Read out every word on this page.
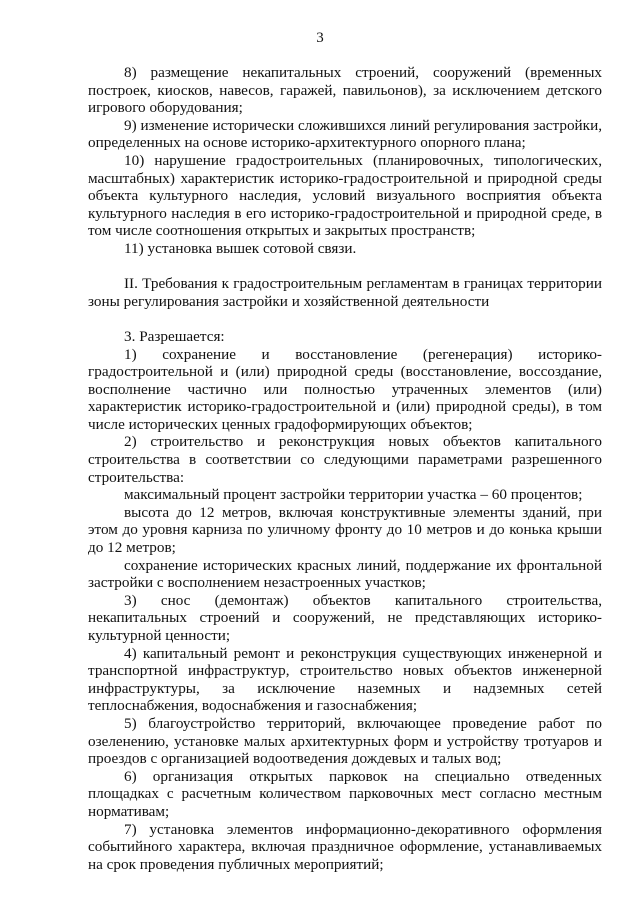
3

8) размещение некапитальных строений, сооружений (временных построек, киосков, навесов, гаражей, павильонов), за исключением детского игрового оборудования;

9) изменение исторически сложившихся линий регулирования застройки, определенных на основе историко-архитектурного опорного плана;

10) нарушение градостроительных (планировочных, типологических, масштабных) характеристик историко-градостроительной и природной среды объекта культурного наследия, условий визуального восприятия объекта культурного наследия в его историко-градостроительной и природной среде, в том числе соотношения открытых и закрытых пространств;

11) установка вышек сотовой связи.

II. Требования к градостроительным регламентам в границах территории зоны регулирования застройки и хозяйственной деятельности

3. Разрешается:

1) сохранение и восстановление (регенерация) историко-градостроительной и (или) природной среды (восстановление, воссоздание, восполнение частично или полностью утраченных элементов (или) характеристик историко-градостроительной и (или) природной среды), в том числе исторических ценных градоформирующих объектов;

2) строительство и реконструкция новых объектов капитального строительства в соответствии со следующими параметрами разрешенного строительства:

максимальный процент застройки территории участка – 60 процентов;

высота до 12 метров, включая конструктивные элементы зданий, при этом до уровня карниза по уличному фронту до 10 метров и до конька крыши до 12 метров;

сохранение исторических красных линий, поддержание их фронтальной застройки с восполнением незастроенных участков;

3) снос (демонтаж) объектов капитального строительства, некапитальных строений и сооружений, не представляющих историко-культурной ценности;

4) капитальный ремонт и реконструкция существующих инженерной и транспортной инфраструктур, строительство новых объектов инженерной инфраструктуры, за исключение наземных и надземных сетей теплоснабжения, водоснабжения и газоснабжения;

5) благоустройство территорий, включающее проведение работ по озеленению, установке малых архитектурных форм и устройству тротуаров и проездов с организацией водоотведения дождевых и талых вод;

6) организация открытых парковок на специально отведенных площадках с расчетным количеством парковочных мест согласно местным нормативам;

7) установка элементов информационно-декоративного оформления событийного характера, включая праздничное оформление, устанавливаемых на срок проведения публичных мероприятий;
